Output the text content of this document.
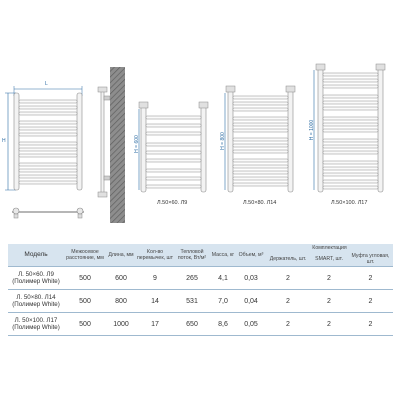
L
H	H = 600	H = 800
H = 1000
Л.50×60. Л9	Л.50×80. Л14	Л.50×100. Л17
Модель	Межосевое расстояние, мм	Длина, мм	Кол-во перемычек, шт	Тепловой поток, Вт/м²	Масса, кг	Объем, м³	Комплектация		
							Держатель, шт.	SMART, шт.	Муфта угловая, шт.
Л. 50×60. Л9
(Полимер White)	500	600	9	265	4,1	0,03	2	2	2
Л. 50×80. Л14
(Полимер White)	500	800	14	531	7,0	0,04	2	2	2
Л. 50×100. Л17
(Полимер White)	500	1000	17	650	8,6	0,05	2	2	2
